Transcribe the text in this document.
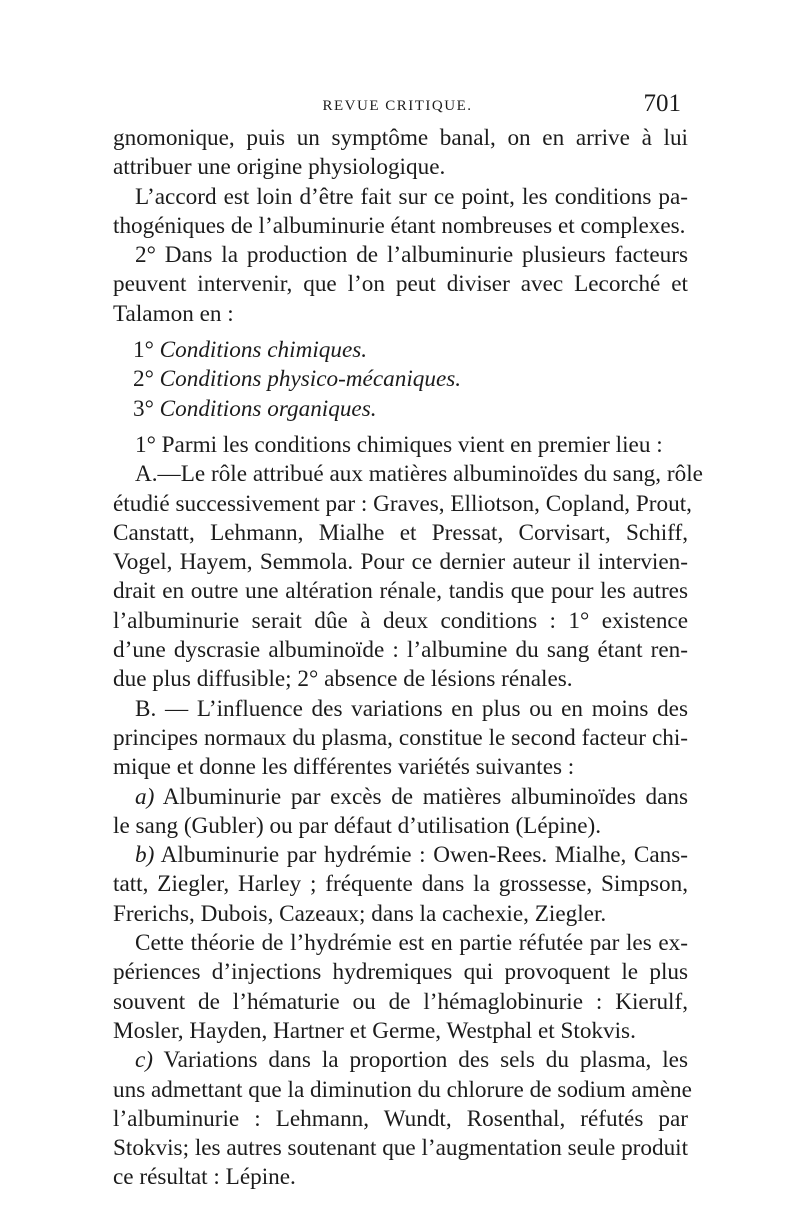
REVUE CRITIQUE.	701
gnomonique, puis un symptôme banal, on en arrive à lui
attribuer une origine physiologique.
L’accord est loin d’être fait sur ce point, les conditions pa-
thogéniques de l’albuminurie étant nombreuses et complexes.
2° Dans la production de l’albuminurie plusieurs facteurs
peuvent intervenir, que l’on peut diviser avec Lecorché et
Talamon en :
1° Conditions chimiques.
2° Conditions physico-mécaniques.
3° Conditions organiques.
1° Parmi les conditions chimiques vient en premier lieu :
A.—Le rôle attribué aux matières albuminoïdes du sang, rôle
étudié successivement par : Graves, Elliotson, Copland, Prout,
Canstatt, Lehmann, Mialhe et Pressat, Corvisart, Schiff,
Vogel, Hayem, Semmola. Pour ce dernier auteur il intervien-
drait en outre une altération rénale, tandis que pour les autres
l’albuminurie serait dûe à deux conditions : 1° existence
d’une dyscrasie albuminoïde : l’albumine du sang étant ren-
due plus diffusible; 2° absence de lésions rénales.
B. — L’influence des variations en plus ou en moins des
principes normaux du plasma, constitue le second facteur chi-
mique et donne les différentes variétés suivantes :
a) Albuminurie par excès de matières albuminoïdes dans
le sang (Gubler) ou par défaut d’utilisation (Lépine).
b) Albuminurie par hydrémie : Owen-Rees. Mialhe, Cans-
tatt, Ziegler, Harley ; fréquente dans la grossesse, Simpson,
Frerichs, Dubois, Cazeaux; dans la cachexie, Ziegler.
Cette théorie de l’hydrémie est en partie réfutée par les ex-
périences d’injections hydremiques qui provoquent le plus
souvent de l’hématurie ou de l’hémaglobinurie : Kierulf,
Mosler, Hayden, Hartner et Germe, Westphal et Stokvis.
c) Variations dans la proportion des sels du plasma, les
uns admettant que la diminution du chlorure de sodium amène
l’albuminurie : Lehmann, Wundt, Rosenthal, réfutés par
Stokvis; les autres soutenant que l’augmentation seule produit
ce résultat : Lépine.
